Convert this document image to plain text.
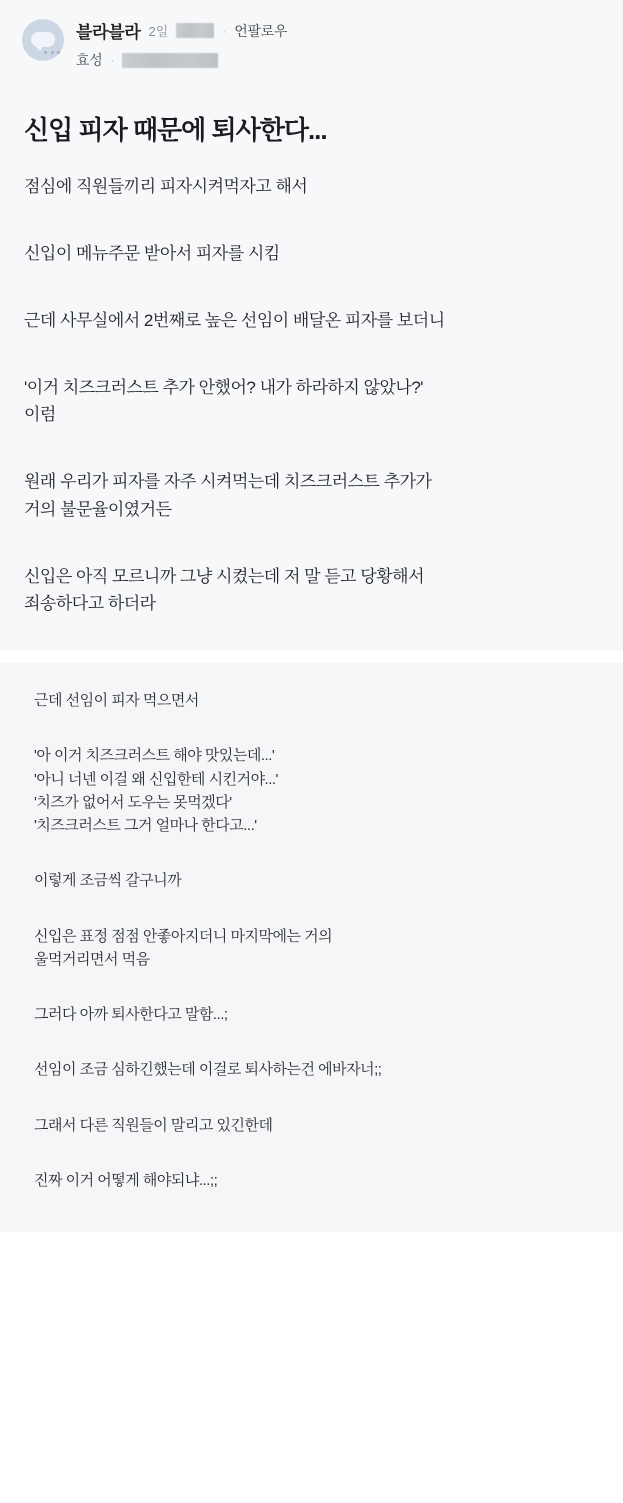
블라블라 2일	· 언팔로우
효성 ·
신입 피자 때문에 퇴사한다...

점심에 직원들끼리 피자시켜먹자고 해서

신입이 메뉴주문 받아서 피자를 시킴

근데 사무실에서 2번째로 높은 선임이 배달온 피자를 보더니

'이거 치즈크러스트 추가 안했어? 내가 하라하지 않았나?'
이럼

원래 우리가 피자를 자주 시켜먹는데 치즈크러스트 추가가
거의 불문율이였거든

신입은 아직 모르니까 그냥 시켰는데 저 말 듣고 당황해서
죄송하다고 하더라

근데 선임이 피자 먹으면서

'아 이거 치즈크러스트 해야 맛있는데...'
'아니 너넨 이걸 왜 신입한테 시킨거야...'
'치즈가 없어서 도우는 못먹겠다'
'치즈크러스트 그거 얼마나 한다고...'

이렇게 조금씩 갈구니까

신입은 표정 점점 안좋아지더니 마지막에는 거의
울먹거리면서 먹음

그러다 아까 퇴사한다고 말함...;

선임이 조금 심하긴했는데 이걸로 퇴사하는건 에바자너;;

그래서 다른 직원들이 말리고 있긴한데

진짜 이거 어떻게 해야되냐...;;
